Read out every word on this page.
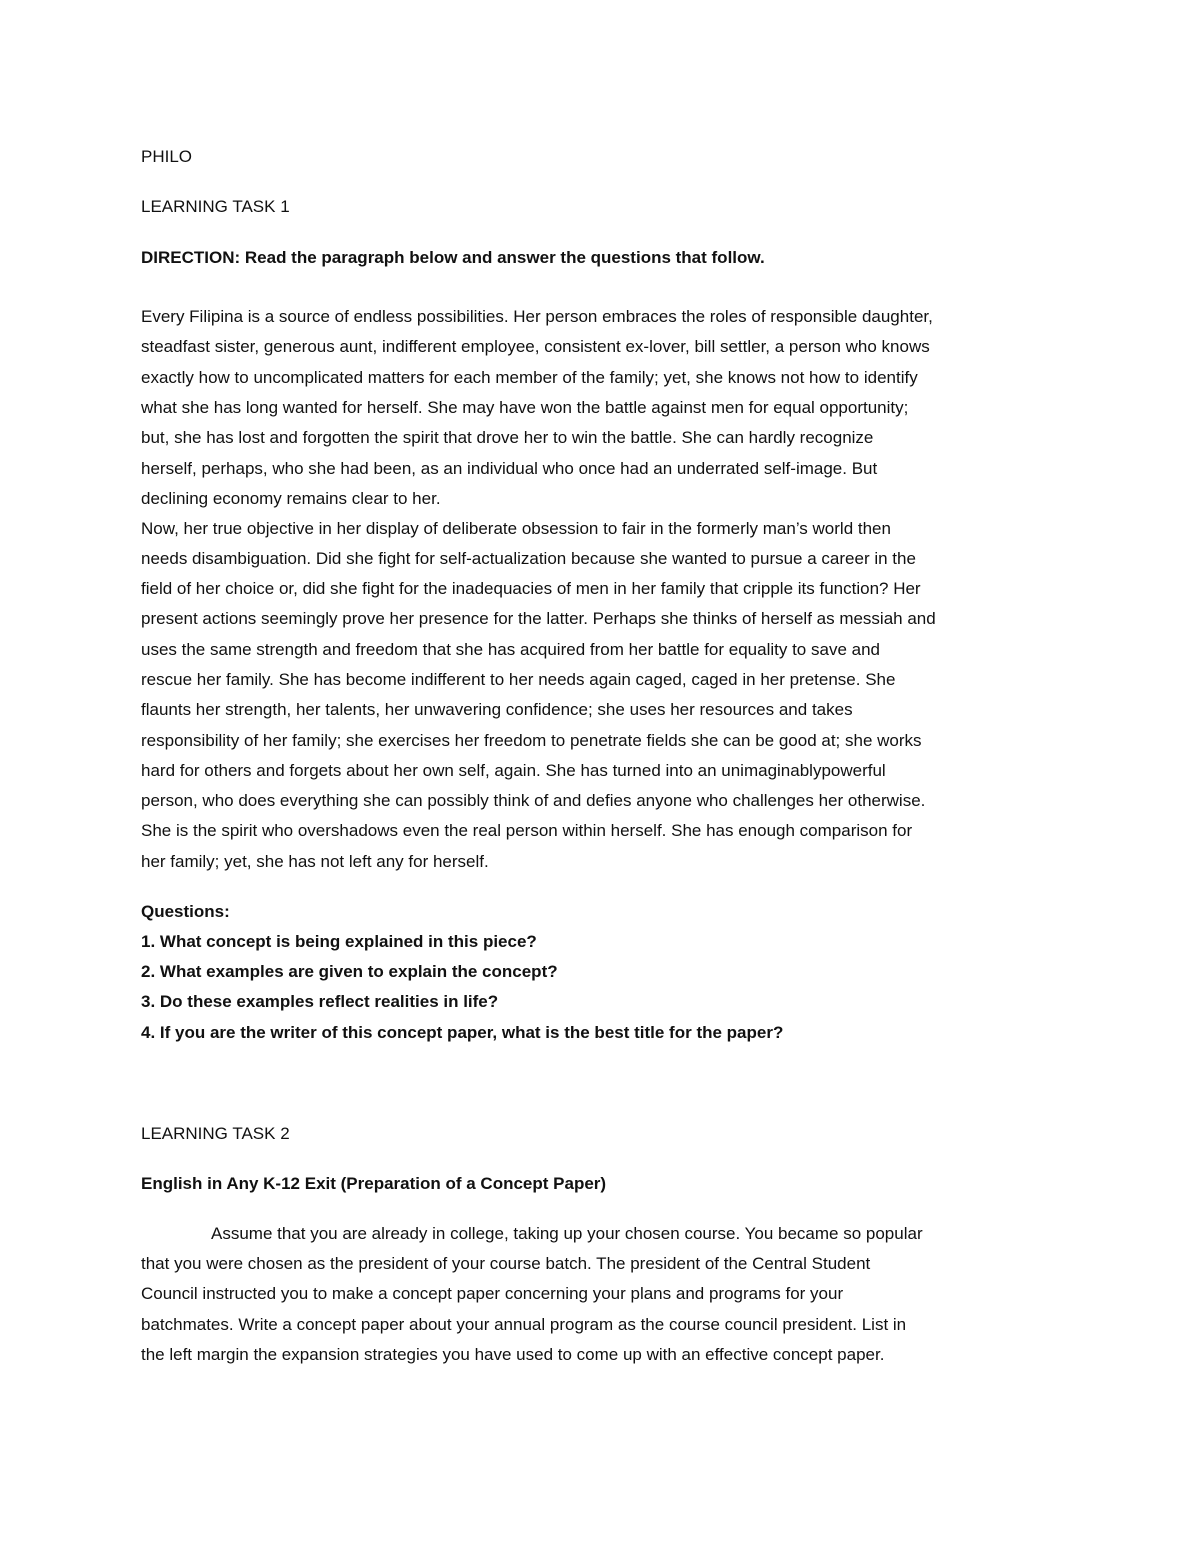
PHILO
LEARNING TASK 1
DIRECTION: Read the paragraph below and answer the questions that follow.
Every Filipina is a source of endless possibilities. Her person embraces the roles of responsible daughter,
steadfast sister, generous aunt, indifferent employee, consistent ex-lover, bill settler, a person who knows
exactly how to uncomplicated matters for each member of the family; yet, she knows not how to identify
what she has long wanted for herself. She may have won the battle against men for equal opportunity;
but, she has lost and forgotten the spirit that drove her to win the battle. She can hardly recognize
herself, perhaps, who she had been, as an individual who once had an underrated self-image. But
declining economy remains clear to her.
Now, her true objective in her display of deliberate obsession to fair in the formerly man’s world then
needs disambiguation. Did she fight for self-actualization because she wanted to pursue a career in the
field of her choice or, did she fight for the inadequacies of men in her family that cripple its function? Her
present actions seemingly prove her presence for the latter. Perhaps she thinks of herself as messiah and
uses the same strength and freedom that she has acquired from her battle for equality to save and
rescue her family. She has become indifferent to her needs again caged, caged in her pretense. She
flaunts her strength, her talents, her unwavering confidence; she uses her resources and takes
responsibility of her family; she exercises her freedom to penetrate fields she can be good at; she works
hard for others and forgets about her own self, again. She has turned into an unimaginablypowerful
person, who does everything she can possibly think of and defies anyone who challenges her otherwise.
She is the spirit who overshadows even the real person within herself. She has enough comparison for
her family; yet, she has not left any for herself.
Questions:
1. What concept is being explained in this piece?
2. What examples are given to explain the concept?
3. Do these examples reflect realities in life?
4. If you are the writer of this concept paper, what is the best title for the paper?
LEARNING TASK 2
English in Any K-12 Exit (Preparation of a Concept Paper)
Assume that you are already in college, taking up your chosen course. You became so popular
that you were chosen as the president of your course batch. The president of the Central Student
Council instructed you to make a concept paper concerning your plans and programs for your
batchmates. Write a concept paper about your annual program as the course council president. List in
the left margin the expansion strategies you have used to come up with an effective concept paper.
